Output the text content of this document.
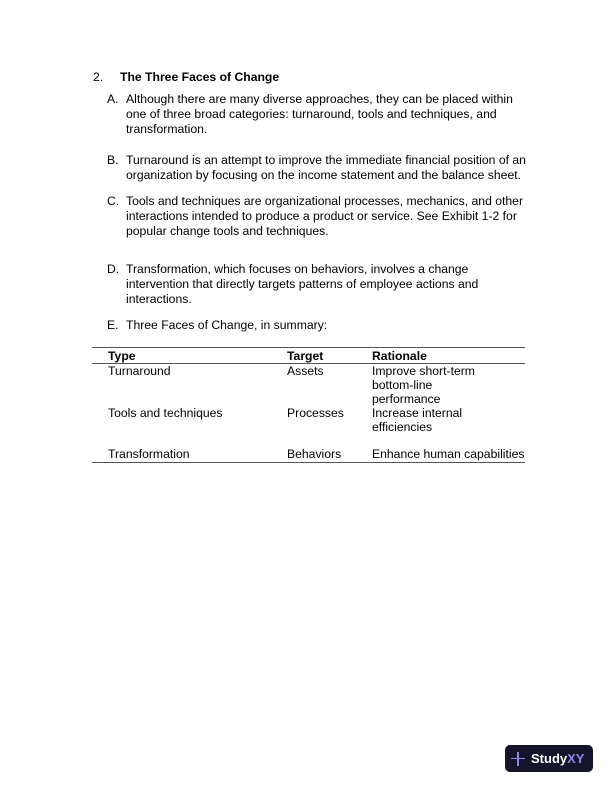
2. The Three Faces of Change
A. Although there are many diverse approaches, they can be placed within one of three broad categories: turnaround, tools and techniques, and transformation.
B. Turnaround is an attempt to improve the immediate financial position of an organization by focusing on the income statement and the balance sheet.
C. Tools and techniques are organizational processes, mechanics, and other interactions intended to produce a product or service. See Exhibit 1-2 for popular change tools and techniques.
D. Transformation, which focuses on behaviors, involves a change intervention that directly targets patterns of employee actions and interactions.
E. Three Faces of Change, in summary:
Type	Target	Rationale
Turnaround	Assets	Improve short-term bottom-line performance
Tools and techniques	Processes	Increase internal efficiencies
Transformation	Behaviors	Enhance human capabilities
Study XY
